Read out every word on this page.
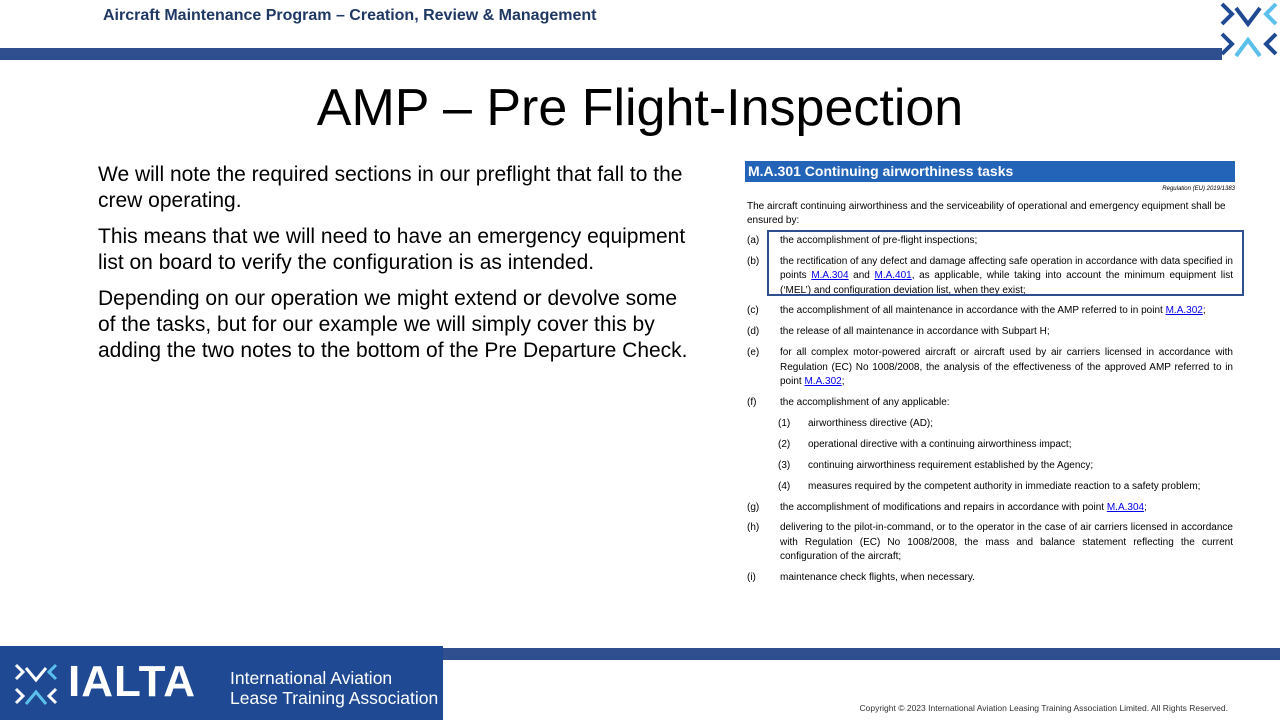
Aircraft Maintenance Program – Creation, Review & Management
AMP – Pre Flight-Inspection

We will note the required sections in our preflight that fall to the crew operating.

This means that we will need to have an emergency equipment list on board to verify the configuration is as intended.

Depending on our operation we might extend or devolve some of the tasks, but for our example we will simply cover this by adding the two notes to the bottom of the Pre Departure Check.

M.A.301 Continuing airworthiness tasks
Regulation (EU) 2019/1383
The aircraft continuing airworthiness and the serviceability of operational and emergency equipment shall be ensured by:
(a)	the accomplishment of pre-flight inspections;
(b)	the rectification of any defect and damage affecting safe operation in accordance with data specified in points M.A.304 and M.A.401, as applicable, while taking into account the minimum equipment list (‘MEL’) and configuration deviation list, when they exist;
(c)	the accomplishment of all maintenance in accordance with the AMP referred to in point M.A.302;
(d)	the release of all maintenance in accordance with Subpart H;
(e)	for all complex motor-powered aircraft or aircraft used by air carriers licensed in accordance with Regulation (EC) No 1008/2008, the analysis of the effectiveness of the approved AMP referred to in point M.A.302;
(f)	the accomplishment of any applicable:
(1)	airworthiness directive (AD);
(2)	operational directive with a continuing airworthiness impact;
(3)	continuing airworthiness requirement established by the Agency;
(4)	measures required by the competent authority in immediate reaction to a safety problem;
(g)	the accomplishment of modifications and repairs in accordance with point M.A.304;
(h)	delivering to the pilot-in-command, or to the operator in the case of air carriers licensed in accordance with Regulation (EC) No 1008/2008, the mass and balance statement reflecting the current configuration of the aircraft;
(i)	maintenance check flights, when necessary.
IALTA International Aviation
Lease Training Association	Copyright © 2023 International Aviation Leasing Training Association Limited. All Rights Reserved.
